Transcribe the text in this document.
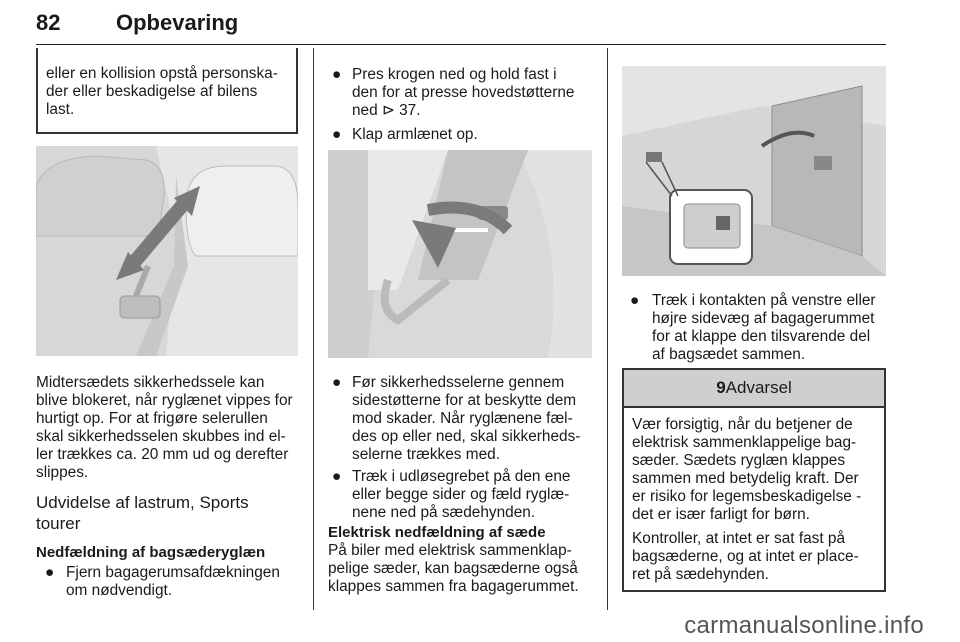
82	Opbevaring
eller en kollision opstå personska-
der eller beskadigelse af bilens
last.
Midtersædets sikkerhedssele kan
blive blokeret, når ryglænet vippes for
hurtigt op. For at frigøre selerullen
skal sikkerhedsselen skubbes ind el-
ler trækkes ca. 20 mm ud og derefter
slippes.
Udvidelse af lastrum, Sports
tourer
Nedfældning af bagsæderyglæn
● Fjern bagagerumsafdækningen
om nødvendigt.
● Pres krogen ned og hold fast i
den for at presse hovedstøtterne
ned ⊳ 37.
● Klap armlænet op.
● Før sikkerhedsselerne gennem
sidestøtterne for at beskytte dem
mod skader. Når ryglænene fæl-
des op eller ned, skal sikkerheds-
selerne trækkes med.
● Træk i udløsegrebet på den ene
eller begge sider og fæld ryglæ-
nene ned på sædehynden.
Elektrisk nedfældning af sæde
På biler med elektrisk sammenklap-
pelige sæder, kan bagsæderne også
klappes sammen fra bagagerummet.
● Træk i kontakten på venstre eller
højre sidevæg af bagagerummet
for at klappe den tilsvarende del
af bagsædet sammen.
9 Advarsel

Vær forsigtig, når du betjener de

elektrisk sammenklappelige bag-

sæder. Sædets ryglæn klappes

sammen med betydelig kraft. Der

er risiko for legemsbeskadigelse -

det er især farligt for børn.

Kontroller, at intet er sat fast på

bagsæderne, og at intet er place-

ret på sædehynden.

carmanualsonline.info
